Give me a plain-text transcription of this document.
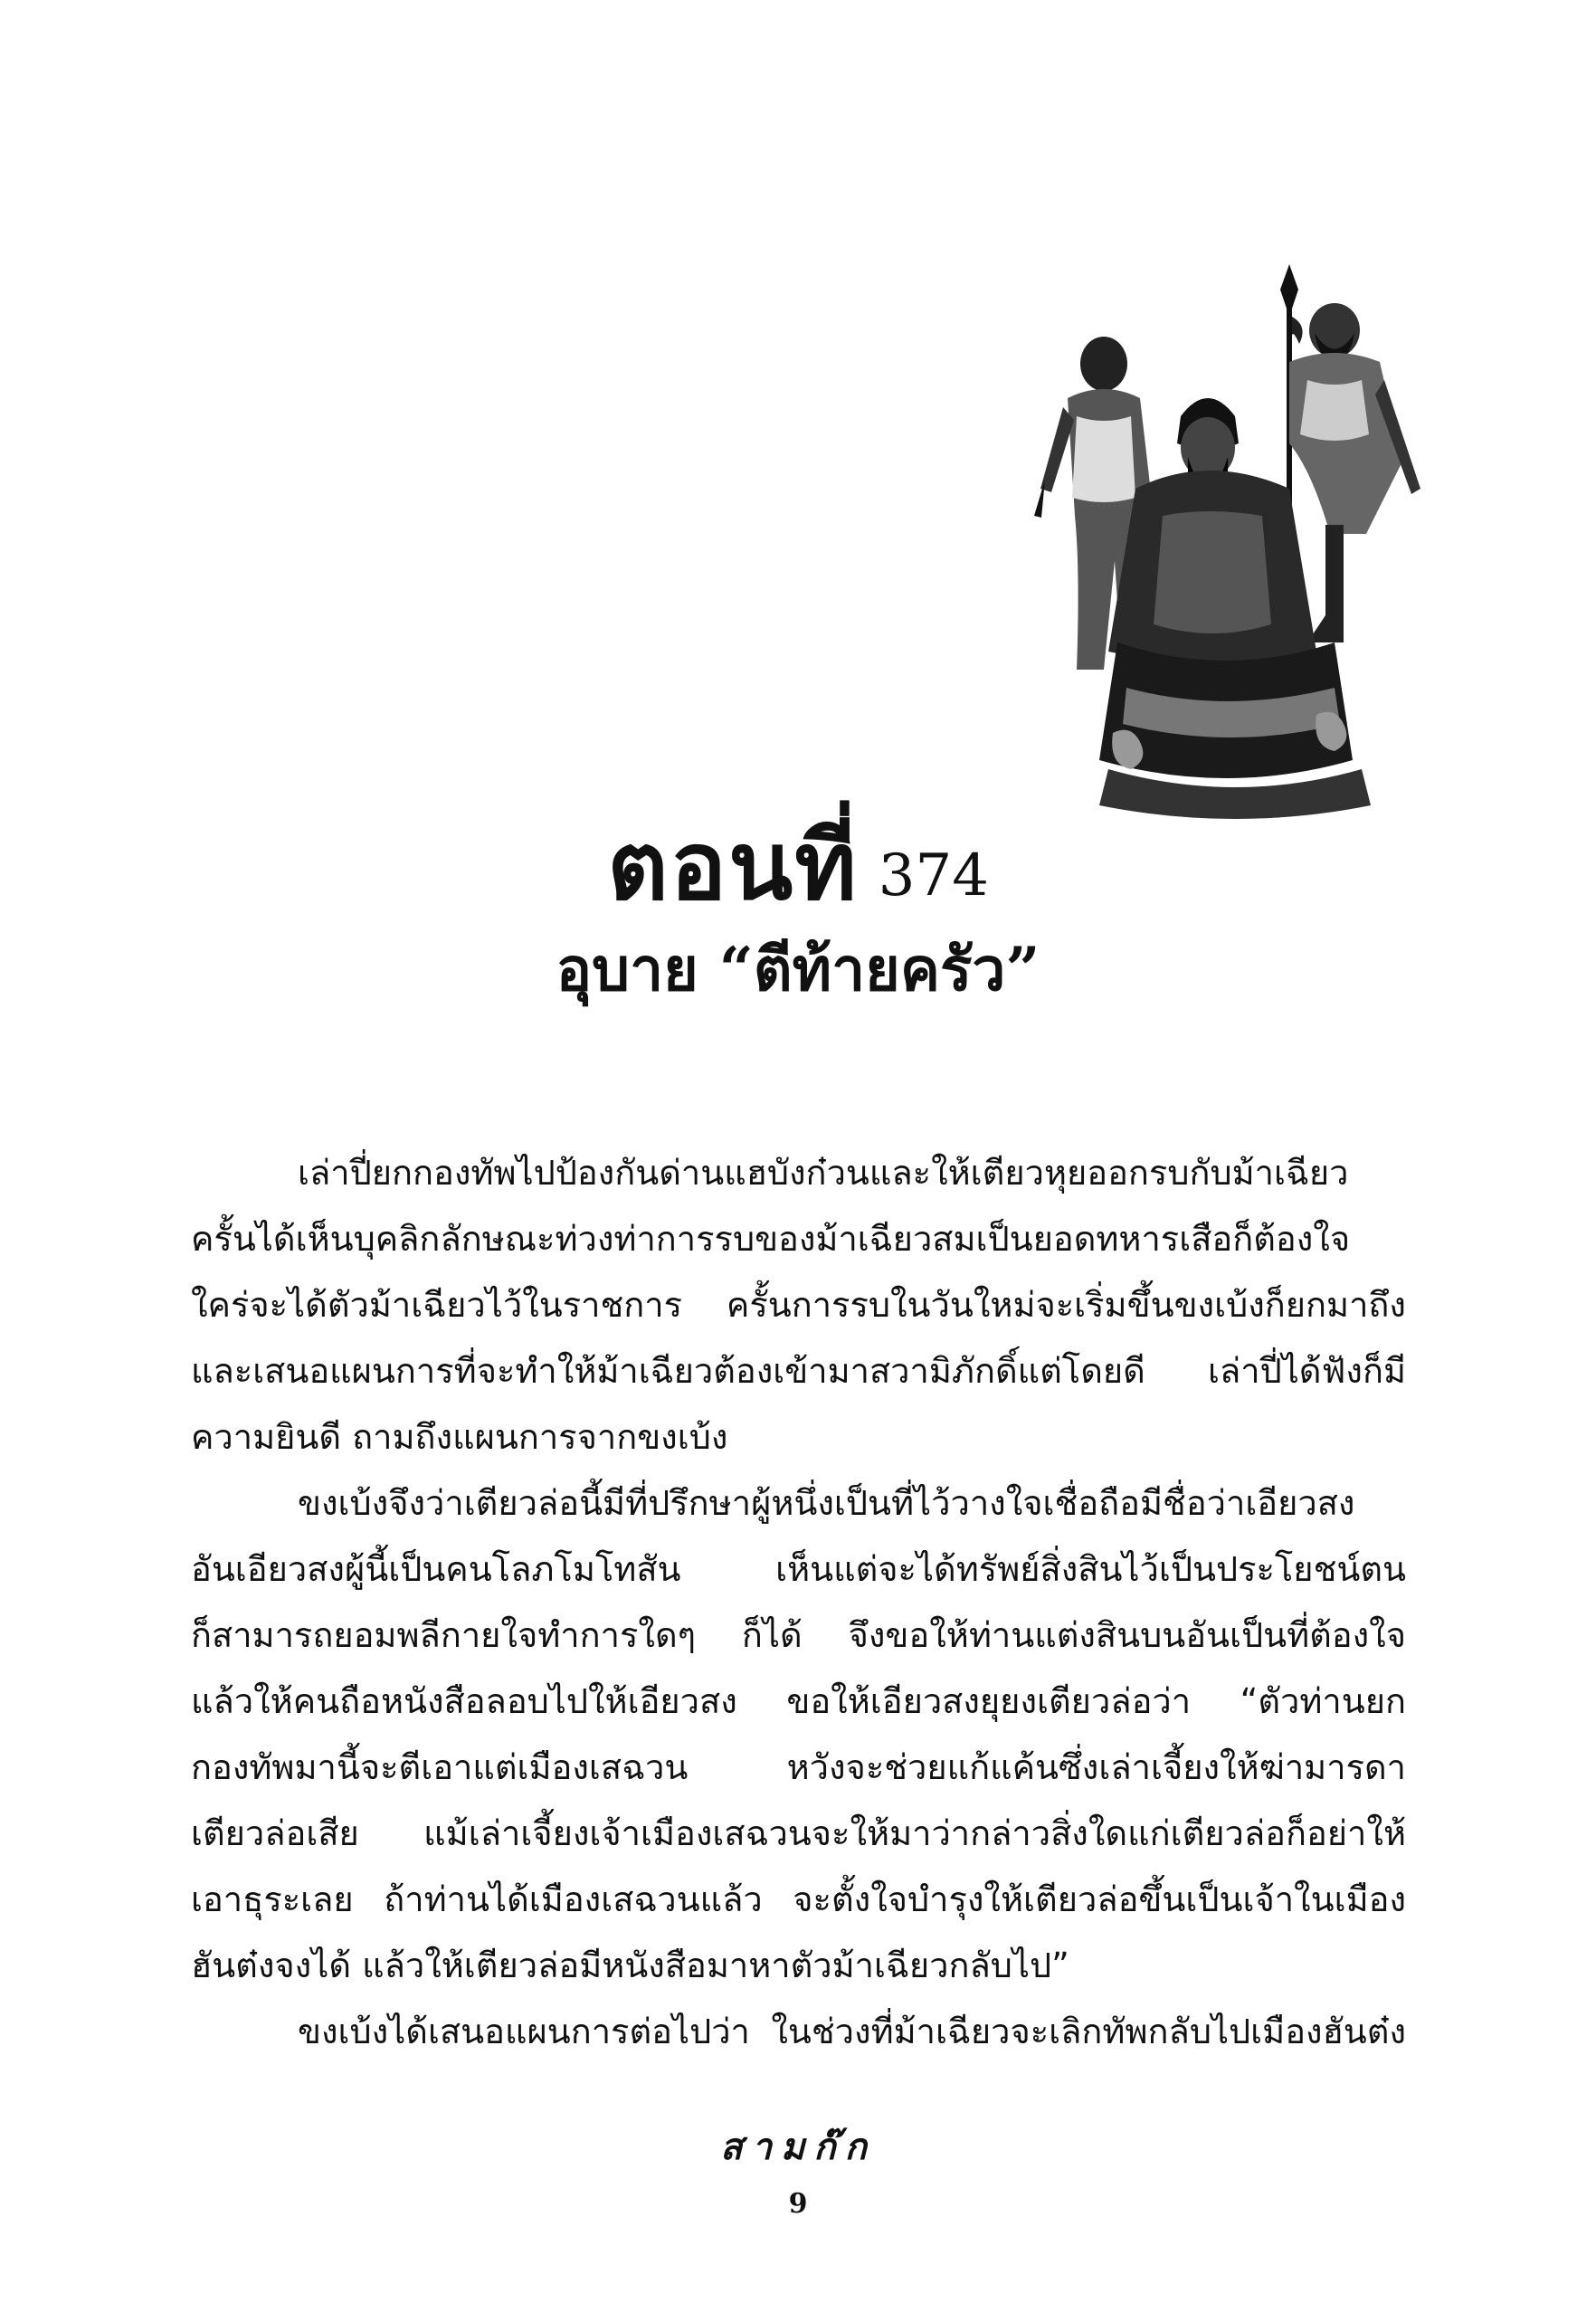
ตอนที่ 374
อุบาย “ตีท้ายครัว”
เล่าปี่ยกกองทัพไปป้องกันด่านแฮบังก๋วนและให้เตียวหุยออกรบกับม้าเฉียว
ครั้นได้เห็นบุคลิกลักษณะท่วงท่าการรบของม้าเฉียวสมเป็นยอดทหารเสือก็ต้องใจ
ใคร่จะได้ตัวม้าเฉียวไว้ในราชการ ครั้นการรบในวันใหม่จะเริ่มขึ้นขงเบ้งก็ยกมาถึง
และเสนอแผนการที่จะทำให้ม้าเฉียวต้องเข้ามาสวามิภักดิ์แต่โดยดี เล่าปี่ได้ฟังก็มี
ความยินดี ถามถึงแผนการจากขงเบ้ง
ขงเบ้งจึงว่าเตียวล่อนี้มีที่ปรึกษาผู้หนึ่งเป็นที่ไว้วางใจเชื่อถือมีชื่อว่าเอียวสง
อันเอียวสงผู้นี้เป็นคนโลภโมโทสัน เห็นแต่จะได้ทรัพย์สิ่งสินไว้เป็นประโยชน์ตน
ก็สามารถยอมพลีกายใจทำการใดๆ ก็ได้ จึงขอให้ท่านแต่งสินบนอันเป็นที่ต้องใจ
แล้วให้คนถือหนังสือลอบไปให้เอียวสง ขอให้เอียวสงยุยงเตียวล่อว่า “ตัวท่านยก
กองทัพมานี้จะตีเอาแต่เมืองเสฉวน หวังจะช่วยแก้แค้นซึ่งเล่าเจี้ยงให้ฆ่ามารดา
เตียวล่อเสีย แม้เล่าเจี้ยงเจ้าเมืองเสฉวนจะให้มาว่ากล่าวสิ่งใดแก่เตียวล่อก็อย่าให้
เอาธุระเลย ถ้าท่านได้เมืองเสฉวนแล้ว จะตั้งใจบำรุงให้เตียวล่อขึ้นเป็นเจ้าในเมือง
ฮันต๋งจงได้ แล้วให้เตียวล่อมีหนังสือมาหาตัวม้าเฉียวกลับไป”
ขงเบ้งได้เสนอแผนการต่อไปว่า ในช่วงที่ม้าเฉียวจะเลิกทัพกลับไปเมืองฮันต๋ง
สามก๊ก
9
